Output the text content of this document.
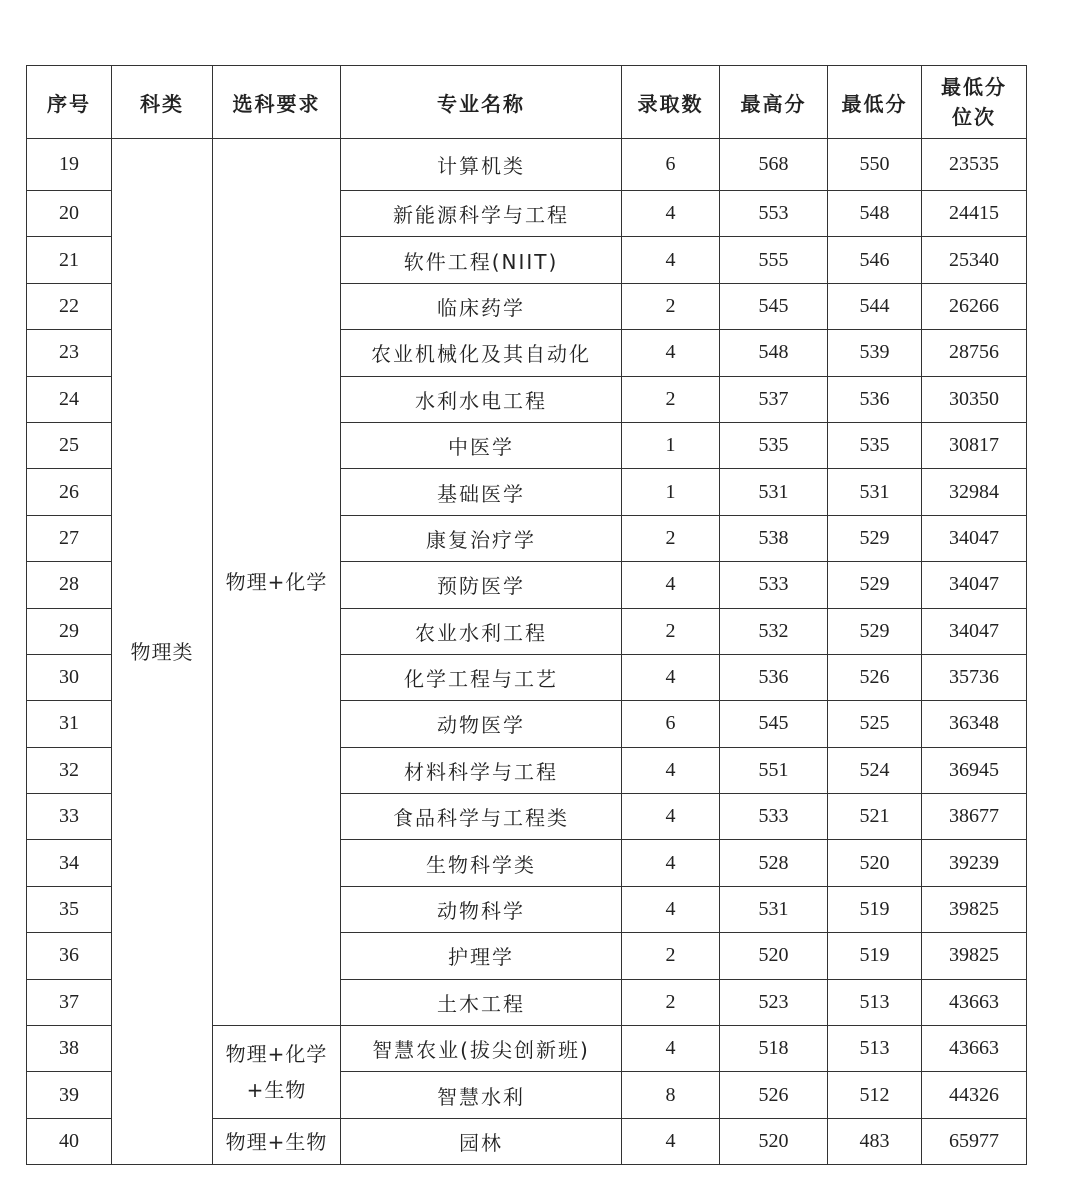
序号	科类	选科要求	专业名称	录取数	最高分	最低分	最低分
位次
19	物理类	物理+化学	计算机类	6	568	550	23535
20			新能源科学与工程	4	553	548	24415
21			软件工程(NIIT)	4	555	546	25340
22			临床药学	2	545	544	26266
23			农业机械化及其自动化	4	548	539	28756
24			水利水电工程	2	537	536	30350
25			中医学	1	535	535	30817
26			基础医学	1	531	531	32984
27			康复治疗学	2	538	529	34047
28			预防医学	4	533	529	34047
29			农业水利工程	2	532	529	34047
30			化学工程与工艺	4	536	526	35736
31			动物医学	6	545	525	36348
32			材料科学与工程	4	551	524	36945
33			食品科学与工程类	4	533	521	38677
34			生物科学类	4	528	520	39239
35			动物科学	4	531	519	39825
36			护理学	2	520	519	39825
37			土木工程	2	523	513	43663
38		物理+化学
+生物	智慧农业(拔尖创新班)	4	518	513	43663
39			智慧水利	8	526	512	44326
40		物理+生物	园林	4	520	483	65977
